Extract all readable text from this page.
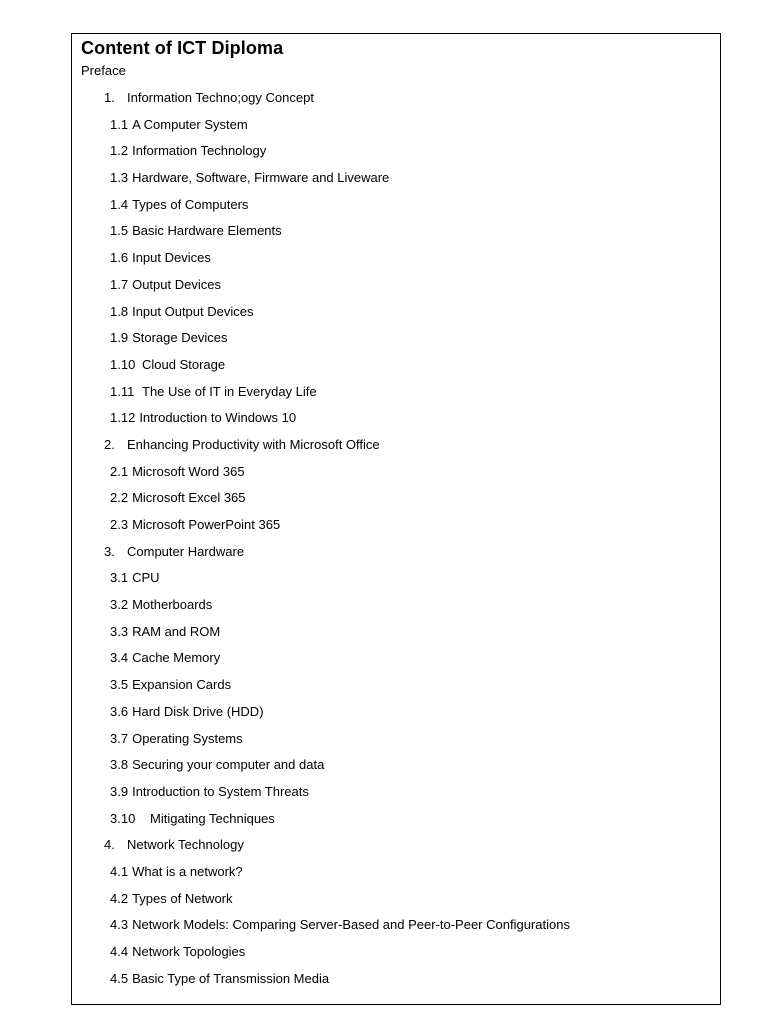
Content of ICT Diploma
Preface
1. Information Techno;ogy Concept
1.1 A Computer System
1.2 Information Technology
1.3 Hardware, Software, Firmware and Liveware
1.4 Types of Computers
1.5 Basic Hardware Elements
1.6 Input Devices
1.7 Output Devices
1.8 Input Output Devices
1.9 Storage Devices
1.10 Cloud Storage
1.11 The Use of IT in Everyday Life
1.12 Introduction to Windows 10
2. Enhancing Productivity with Microsoft Office
2.1 Microsoft Word 365
2.2 Microsoft Excel 365
2.3 Microsoft PowerPoint 365
3. Computer Hardware
3.1 CPU
3.2 Motherboards
3.3 RAM and ROM
3.4 Cache Memory
3.5 Expansion Cards
3.6 Hard Disk Drive (HDD)
3.7 Operating Systems
3.8 Securing your computer and data
3.9 Introduction to System Threats
3.10	Mitigating Techniques
4. Network Technology
4.1 What is a network?
4.2 Types of Network
4.3 Network Models: Comparing Server-Based and Peer-to-Peer Configurations
4.4 Network Topologies
4.5 Basic Type of Transmission Media
